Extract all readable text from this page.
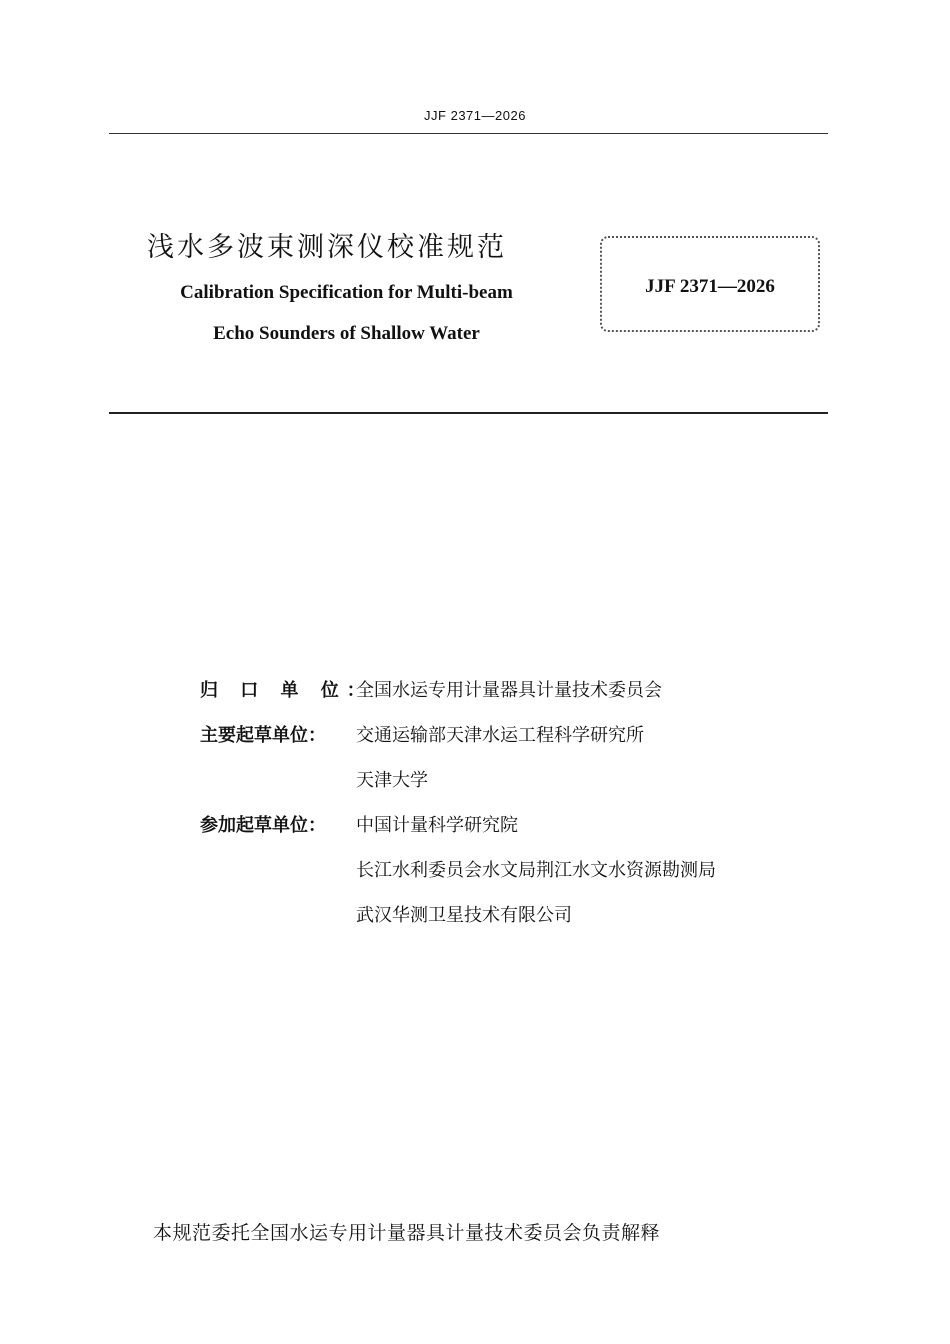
JJF 2371—2026
浅水多波束测深仪校准规范
Calibration Specification for Multi-beam
Echo Sounders of Shallow Water
JJF 2371—2026
归 口 单 位：
全国水运专用计量器具计量技术委员会
主要起草单位：	交通运输部天津水运工程科学研究所
天津大学
参加起草单位：	中国计量科学研究院
长江水利委员会水文局荆江水文水资源勘测局
武汉华测卫星技术有限公司
本规范委托全国水运专用计量器具计量技术委员会负责解释
